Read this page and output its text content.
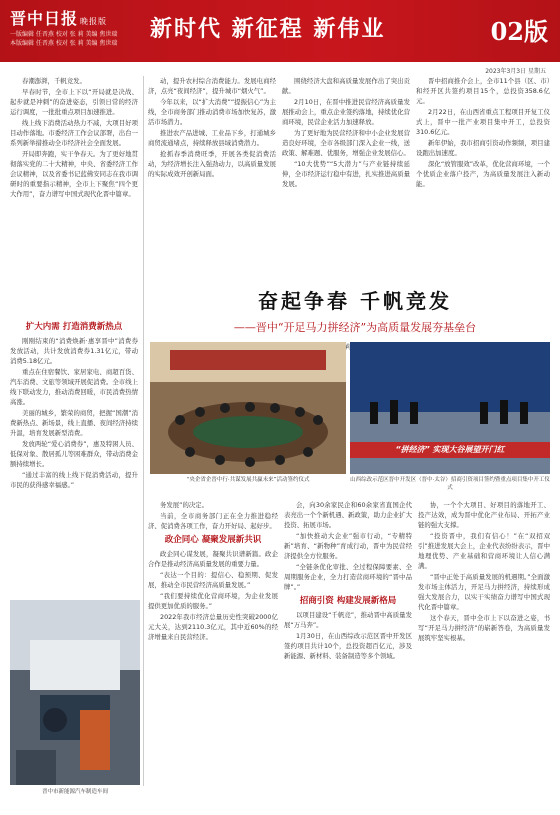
晋中日报 晚报版
一版编辑 任晋燕 校对 张 莉 美编 焦世瑞
本版编辑 任晋燕 校对 张 莉 美编 焦世瑞
新时代 新征程 新伟业	02版
2023年3月3日 星期五

春潮澎湃，千帆竞发。

早春时节，全市上下以“开局就是决战、起步就是冲刺”的奋进姿态，引领日常的经济运行调度，一批批重点项目加速推进。

线上线下消费活动热力不减，大项目好项目动作落地。市委经济工作会议部署，出台一系列新举措推动全市经济社会全面发展。

开局即奔跑，实干争春天。为了更好地贯彻落实党的二十大精神，中央、省委经济工作会议精神，以及省委书记蓝佛安同志在我市调研时的重要指示精神，全市上下聚焦“四个更大作用”，奋力谱写中国式现代化晋中篇章。

扩大内需 打造消费新热点

刚刚结束的“消费焕新·惠享晋中”消费券发放活动，共计发放消费券1.31亿元，带动消费5.18亿元。

重点在住宿餐饮、家居家电、商超百货、汽车消费、文旅等领域开展促消费。全市线上线下联动发力，推动消费回暖，市民消费热情高涨。

美丽的城乡，繁荣的商贸，把握“国潮”消费新热点、新场景，线上直播、夜间经济持续升温，培育发展新型消费。

发放两轮“爱心消费券”，惠及特困人员、低保对象、散居孤儿等困难群众，带动消费金额持续增长。

“通过丰富的线上线下促消费活动，提升市民的获得感幸福感。”

晋中市新能源汽车制造车间

动，提升农村综合消费能力。发展电商经济，点亮“夜间经济”，提升城市“烟火气”。

今年以来，以“扩大消费”“提振信心”为主线，全市商务部门推动消费市场加快复苏，激活市场潜力。

推进农产品进城、工业品下乡，打通城乡商贸流通堵点，持续释放县域消费潜力。

抢抓春季消费旺季，开展各类促消费活动，为经济增长注入强劲动力，以高质量发展的实际成效开创新局面。

围绕经济大盘和高质量发展作出了突出贡献。

2月10日，在晋中推进民营经济高质量发展推动会上，重点企业签约落地，持续优化营商环境，民营企业活力加速释放。

为了更好地为民营经济和中小企业发展营造良好环境，全市各级部门深入企业一线，送政策、解难题、优服务，增强企业发展信心。

“10大优势”“5大潜力”与产业链持续延伸，全市经济运行稳中有进，扎实推进高质量发展。

晋中招商推介会上，全市11个县（区、市）和经开区共签约项目15个，总投资358.6亿元。

2月22日，在山西省重点工程项目开复工仪式上，晋中一批产业项目集中开工，总投资310.6亿元。

新年伊始，我市招商引资动作频频，项目建设跑出加速度。

深化“放管服效”改革，优化营商环境，一个个优质企业落户投产，为高质量发展注入新动能。

奋起争春 千帆竞发
——晋中“开足马力拼经济”为高质量发展夯基垒台
张莉芬
“央企省企晋中行·共谋发展共赢未来”活动签约仪式
“拼经济” 实现大谷展望开门红
山西综改示范区晋中开发区（晋中·太谷）招商引资项目签约暨重点项目集中开工仪式

务发展”的决定。

当前，全市商务部门正在全力推进稳经济、促消费各项工作，奋力开好局、起好步。

政企同心 凝聚发展新共识

政企同心谋发展，凝聚共识谱新篇。政企合作是推动经济高质量发展的重要力量。

“表达一个目的：提信心、稳预期、促发展，推动全市民营经济高质量发展。”

“我们要持续优化营商环境，为企业发展提供更加优质的服务。”

2022年我市经济总量历史性突破2000亿元大关，达到2110.3亿元，其中近60%的经济增量来自民营经济。

会，向30余家民企和60余家省直国企代表亮出一个个新机遇、新政策，助力企业扩大投资、拓展市场。

“加快推动大企业”强市行动，“专精特新”培育、“新物种”育成行动，晋中为民营经济提供全方位服务。

“全链条优化审批、全过程保障要素、全周期服务企业，全力打造营商环境的“晋中品牌”。”

招商引资 构建发展新格局

以项目建设“千帆竞”，推动晋中高质量发展“万马奔”。

1月30日，在山西综改示范区晋中开发区签约项目共计10个，总投资超百亿元，涉及新能源、新材料、装备制造等多个领域。

协，一个个大项目、好项目的落地开工、投产达效，成为晋中优化产业布局、开拓产业链的强大支撑。

“投资晋中，我们有信心！”在“双招双引”推进发展大会上，企业代表纷纷表示，晋中地理优势、产业基础和营商环境让人信心满满。

“晋中正处于高质量发展的机遇期。”全面激发市场主体活力，开足马力拼经济，持续形成强大发展合力，以实干实绩奋力谱写中国式现代化晋中篇章。

这个春天，晋中全市上下以奋进之姿，书写“开足马力拼经济”的崭新答卷，为高质量发展筑牢坚实根基。
